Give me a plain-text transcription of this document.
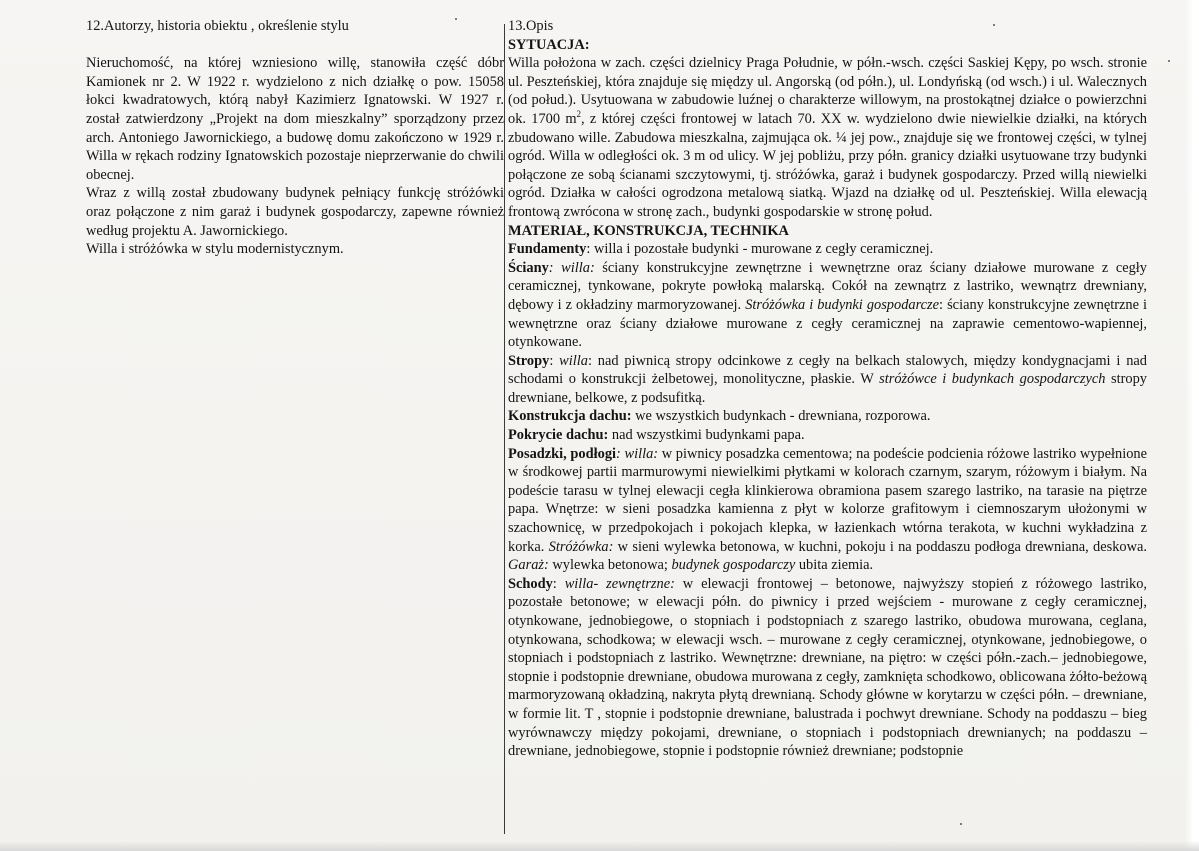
12.Autorzy, historia obiektu , określenie stylu

Nieruchomość, na której wzniesiono willę, stanowiła część dóbr Kamionek nr 2. W 1922 r. wydzielono z nich działkę o pow. 15058 łokci kwadratowych, którą nabył Kazimierz Ignatowski. W 1927 r. został zatwierdzony „Projekt na dom mieszkalny” sporządzony przez arch. Antoniego Jawornickiego, a budowę domu zakończono w 1929 r. Willa w rękach rodziny Ignatowskich pozostaje nieprzerwanie do chwili obecnej.

Wraz z willą został zbudowany budynek pełniący funkcję stróżówki oraz połączone z nim garaż i budynek gospodarczy, zapewne również według projektu A. Jawornickiego.

Willa i stróżówka w stylu modernistycznym.

13.Opis

SYTUACJA:

Willa położona w zach. części dzielnicy Praga Południe, w półn.-wsch. części Saskiej Kępy, po wsch. stronie ul. Peszteńskiej, która znajduje się między ul. Angorską (od półn.), ul. Londyńską (od wsch.) i ul. Walecznych (od połud.). Usytuowana w zabudowie luźnej o charakterze willowym, na prostokątnej działce o powierzchni ok. 1700 $m^2$, z której części frontowej w latach 70. XX w. wydzielono dwie niewielkie działki, na których zbudowano wille. Zabudowa mieszkalna, zajmująca ok. ¼ jej pow., znajduje się we frontowej części, w tylnej ogród. Willa w odległości ok. 3 m od ulicy. W jej pobliżu, przy półn. granicy działki usytuowane trzy budynki połączone ze sobą ścianami szczytowymi, tj. stróżówka, garaż i budynek gospodarczy. Przed willą niewielki ogród. Działka w całości ogrodzona metalową siatką. Wjazd na działkę od ul. Peszteńskiej. Willa elewacją frontową zwrócona w stronę zach., budynki gospodarskie w stronę połud.

MATERIAŁ, KONSTRUKCJA, TECHNIKA

Fundamenty: willa i pozostałe budynki - murowane z cegły ceramicznej.

Ściany: willa: ściany konstrukcyjne zewnętrzne i wewnętrzne oraz ściany działowe murowane z cegły ceramicznej, tynkowane, pokryte powłoką malarską. Cokół na zewnątrz z lastriko, wewnątrz drewniany, dębowy i z okładziny marmoryzowanej. Stróżówka i budynki gospodarcze: ściany konstrukcyjne zewnętrzne i wewnętrzne oraz ściany działowe murowane z cegły ceramicznej na zaprawie cementowo-wapiennej, otynkowane.

Stropy: willa: nad piwnicą stropy odcinkowe z cegły na belkach stalowych, między kondygnacjami i nad schodami o konstrukcji żelbetowej, monolityczne, płaskie. W stróżówce i budynkach gospodarczych stropy drewniane, belkowe, z podsufitką.

Konstrukcja dachu: we wszystkich budynkach - drewniana, rozporowa.

Pokrycie dachu: nad wszystkimi budynkami papa.

Posadzki, podłogi: willa: w piwnicy posadzka cementowa; na podeście podcienia różowe lastriko wypełnione w środkowej partii marmurowymi niewielkimi płytkami w kolorach czarnym, szarym, różowym i białym. Na podeście tarasu w tylnej elewacji cegła klinkierowa obramiona pasem szarego lastriko, na tarasie na piętrze papa. Wnętrze: w sieni posadzka kamienna z płyt w kolorze grafitowym i ciemnoszarym ułożonymi w szachownicę, w przedpokojach i pokojach klepka, w łazienkach wtórna terakota, w kuchni wykładzina z korka. Stróżówka: w sieni wylewka betonowa, w kuchni, pokoju i na poddaszu podłoga drewniana, deskowa. Garaż: wylewka betonowa; budynek gospodarczy ubita ziemia.

Schody: willa- zewnętrzne: w elewacji frontowej – betonowe, najwyższy stopień z różowego lastriko, pozostałe betonowe; w elewacji półn. do piwnicy i przed wejściem - murowane z cegły ceramicznej, otynkowane, jednobiegowe, o stopniach i podstopniach z szarego lastriko, obudowa murowana, ceglana, otynkowana, schodkowa; w elewacji wsch. – murowane z cegły ceramicznej, otynkowane, jednobiegowe, o stopniach i podstopniach z lastriko. Wewnętrzne: drewniane, na piętro: w części półn.-zach.– jednobiegowe, stopnie i podstopnie drewniane, obudowa murowana z cegły, zamknięta schodkowo, oblicowana żółto-beżową marmoryzowaną okładziną, nakryta płytą drewnianą. Schody główne w korytarzu w części półn. – drewniane, w formie lit. T , stopnie i podstopnie drewniane, balustrada i pochwyt drewniane. Schody na poddaszu – bieg wyrównawczy między pokojami, drewniane, o stopniach i podstopniach drewnianych; na poddaszu – drewniane, jednobiegowe, stopnie i podstopnie również drewniane; podstopnie
